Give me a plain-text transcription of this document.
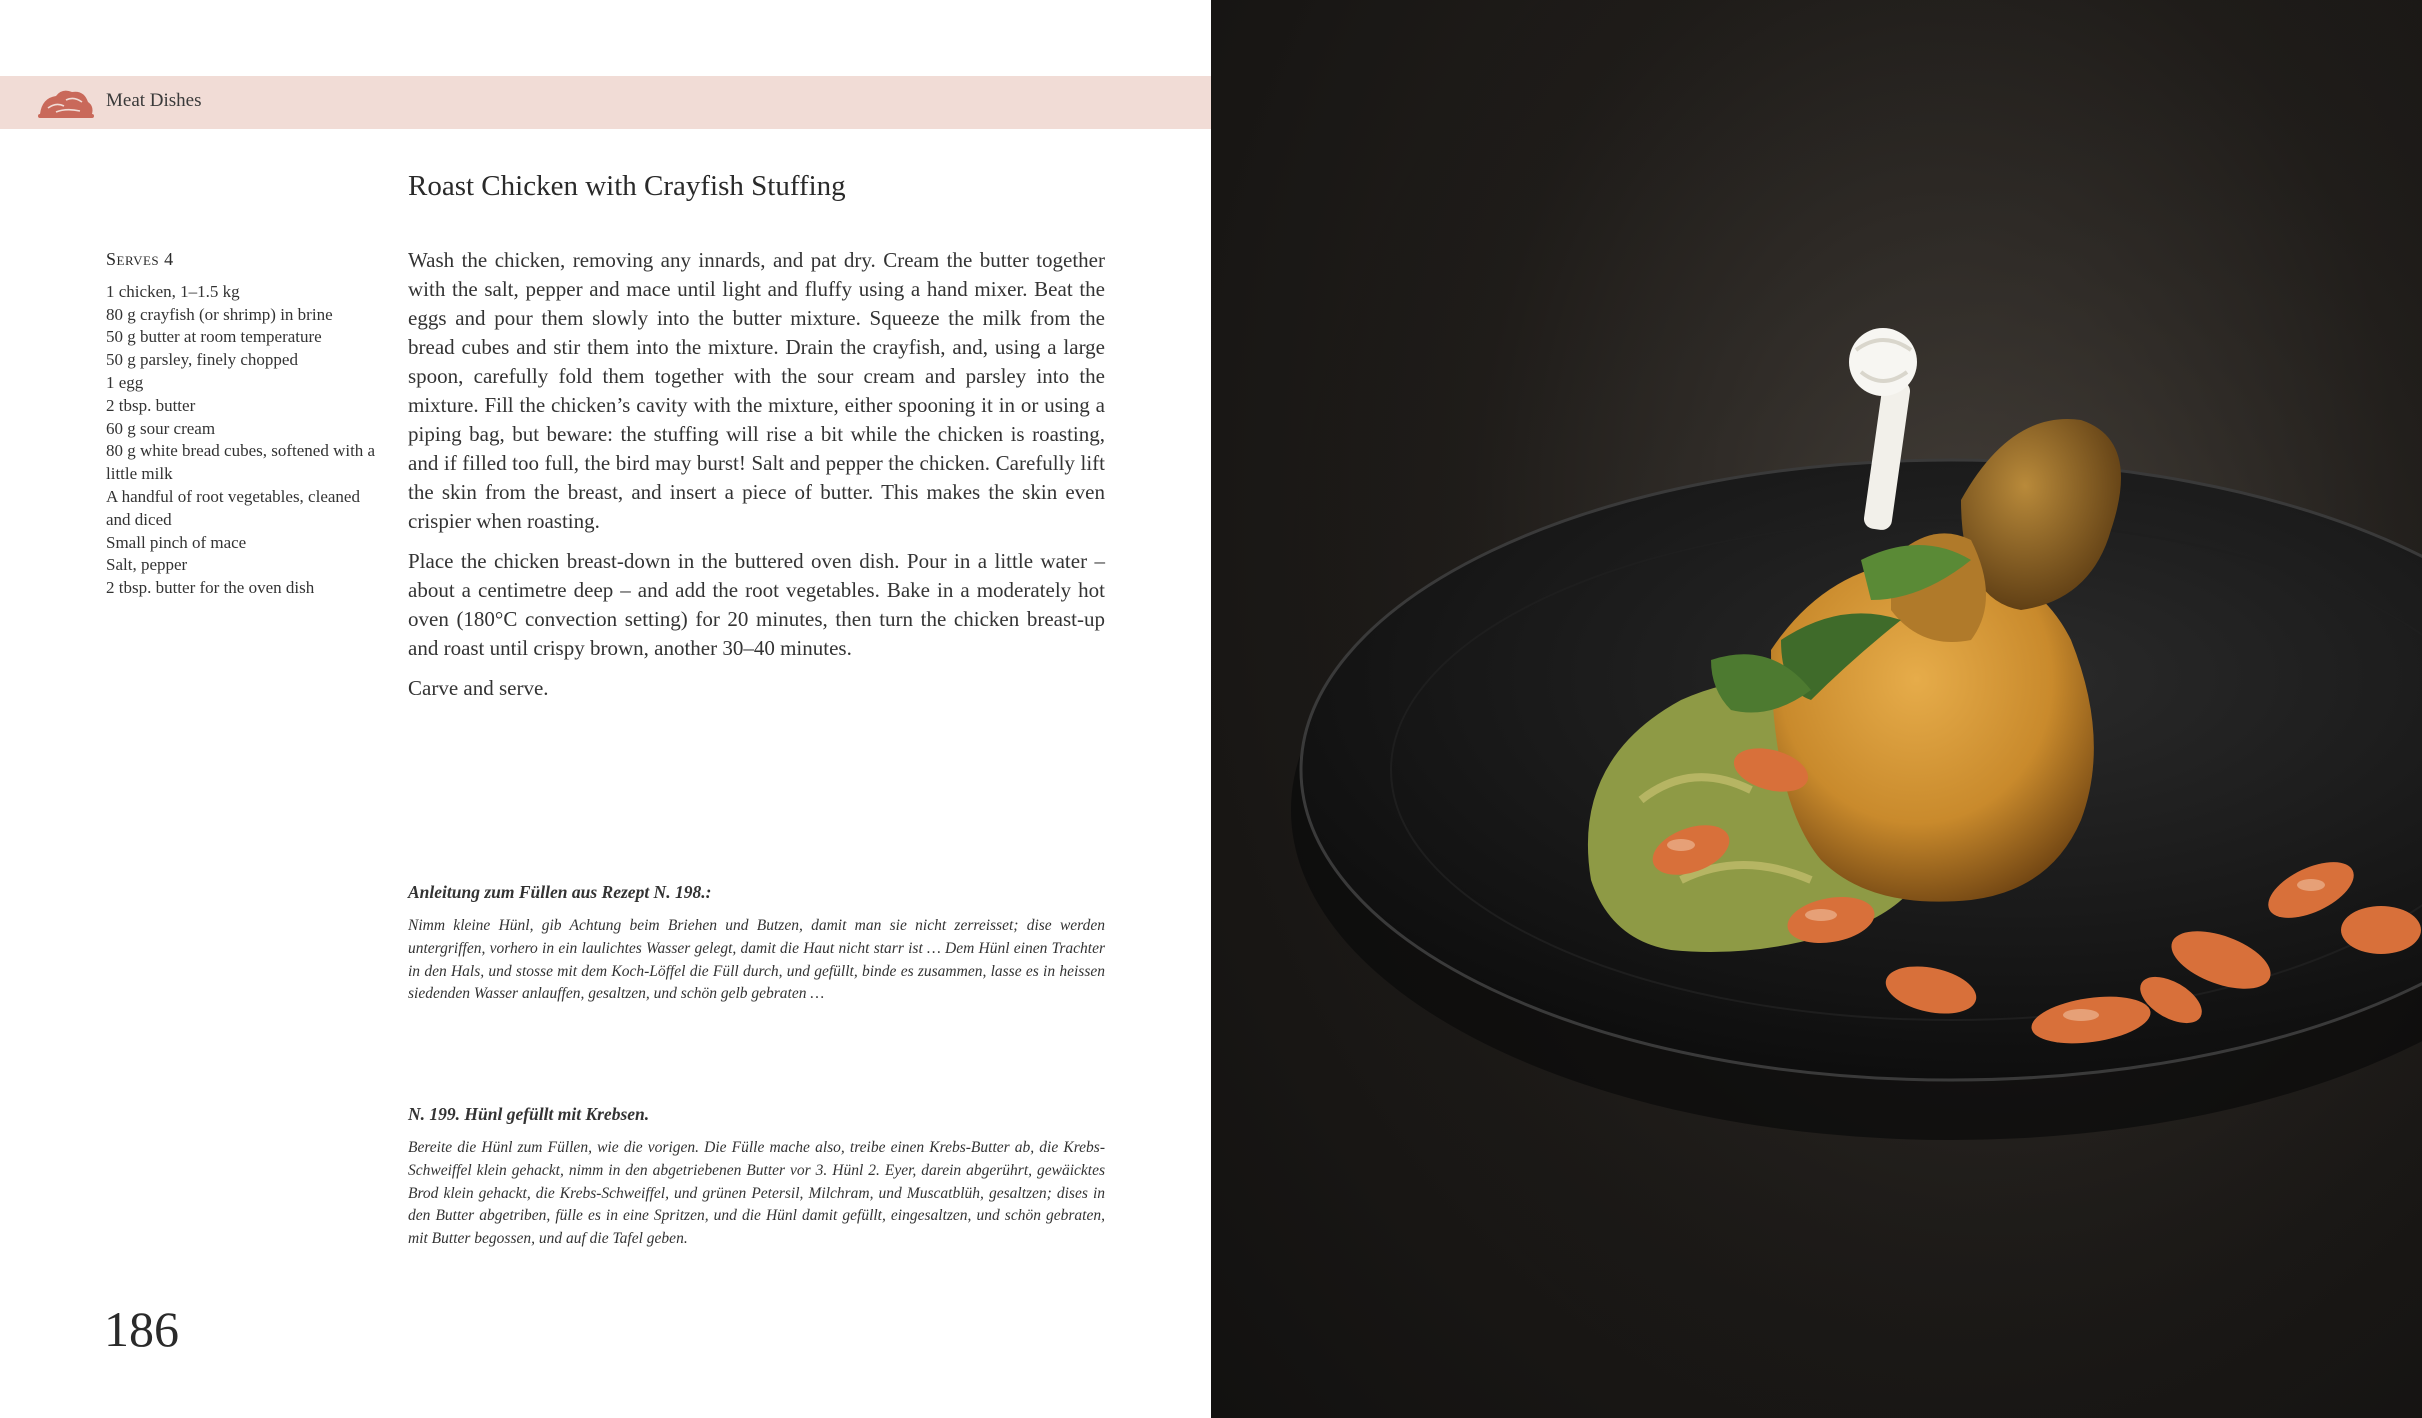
Meat Dishes
Roast Chicken with Crayfish Stuffing
Serves 4
1 chicken, 1–1.5 kg
80 g crayfish (or shrimp) in brine
50 g butter at room temperature
50 g parsley, finely chopped
1 egg
2 tbsp. butter
60 g sour cream
80 g white bread cubes, softened with a little milk
A handful of root vegetables, cleaned and diced
Small pinch of mace
Salt, pepper
2 tbsp. butter for the oven dish

Wash the chicken, removing any innards, and pat dry. Cream the butter together with the salt, pepper and mace until light and fluffy using a hand mixer. Beat the eggs and pour them slowly into the butter mixture. Squeeze the milk from the bread cubes and stir them into the mixture. Drain the crayfish, and, using a large spoon, carefully fold them together with the sour cream and parsley into the mixture. Fill the chicken’s cavity with the mixture, either spooning it in or using a piping bag, but beware: the stuffing will rise a bit while the chicken is roasting, and if filled too full, the bird may burst! Salt and pepper the chicken. Carefully lift the skin from the breast, and insert a piece of butter. This makes the skin even crispier when roasting.

Place the chicken breast-down in the buttered oven dish. Pour in a little water – about a centimetre deep – and add the root vegetables. Bake in a moderately hot oven (180°C convection setting) for 20 minutes, then turn the chicken breast-up and roast until crispy brown, another 30–40 minutes.

Carve and serve.

Anleitung zum Füllen aus Rezept N. 198.:

Nimm kleine Hünl, gib Achtung beim Briehen und Butzen, damit man sie nicht zerreisset; dise werden untergriffen, vorhero in ein laulichtes Wasser gelegt, damit die Haut nicht starr ist … Dem Hünl einen Trachter in den Hals, und stosse mit dem Koch-Löffel die Füll durch, und gefüllt, binde es zusammen, lasse es in heissen siedenden Wasser anlauffen, gesaltzen, und schön gelb gebraten …

N. 199. Hünl gefüllt mit Krebsen.

Bereite die Hünl zum Füllen, wie die vorigen. Die Fülle mache also, treibe einen Krebs-Butter ab, die Krebs-Schweiffel klein gehackt, nimm in den abgetriebenen Butter vor 3. Hünl 2. Eyer, darein abgerührt, gewäicktes Brod klein gehackt, die Krebs-Schweiffel, und grünen Petersil, Milchram, und Muscatblüh, gesaltzen; dises in den Butter abgetriben, fülle es in eine Spritzen, und die Hünl damit gefüllt, eingesaltzen, und schön gebraten, mit Butter begossen, und auf die Tafel geben.

186
